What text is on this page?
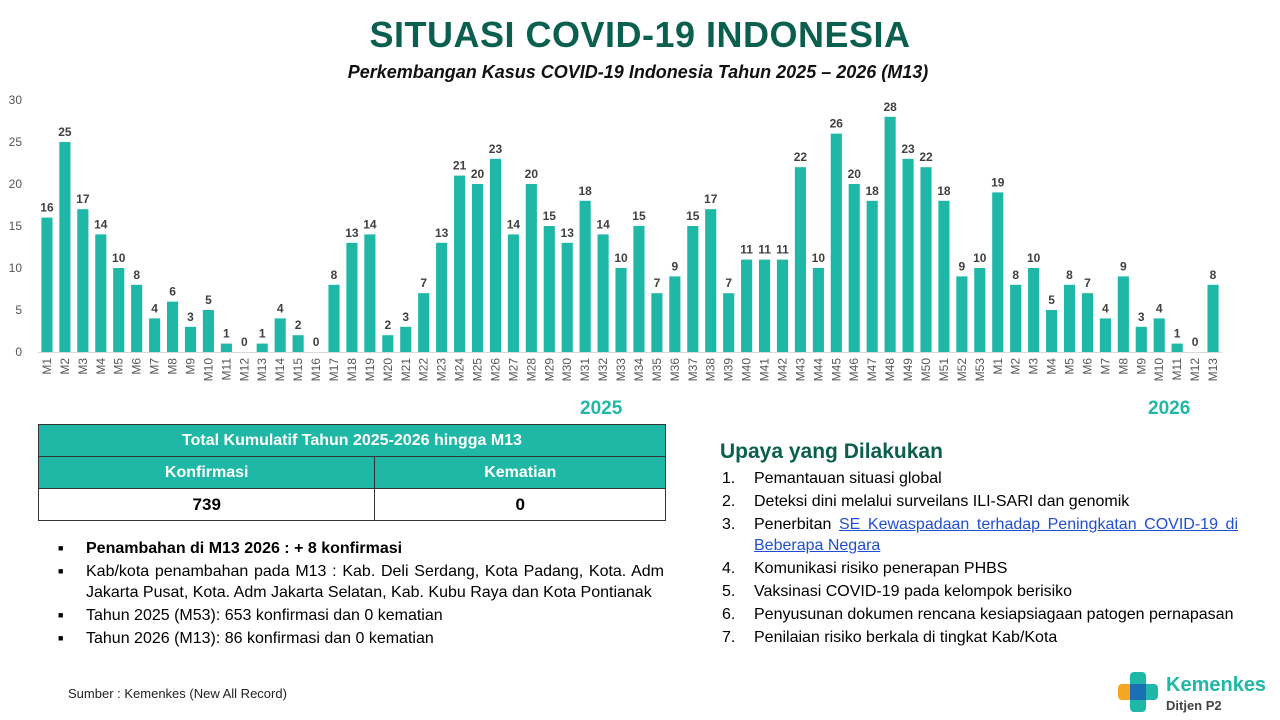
SITUASI COVID-19 INDONESIA
Perkembangan Kasus COVID-19 Indonesia Tahun 2025 – 2026 (M13)
0
5
10
15
20
25
30
16
M1
25
M2
17
M3
14
M4
10
M5
8
M6
4
M7
6
M8
3
M9
5
M10
1
M11
0
M12
1
M13
4
M14
2
M15
0
M16
8
M17
13
M18
14
M19
2
M20
3
M21
7
M22
13
M23
21
M24
20
M25
23
M26
14
M27
20
M28
15
M29
13
M30
18
M31
14
M32
10
M33
15
M34
7
M35
9
M36
15
M37
17
M38
7
M39
11
M40
11
M41
11
M42
22
M43
10
M44
26
M45
20
M46
18
M47
28
M48
23
M49
22
M50
18
M51
9
M52
10
M53
19
M1
8
M2
10
M3
5
M4
8
M5
7
M6
4
M7
9
M8
3
M9
4
M10
1
M11
0
M12
8
M13
2025	2026
Total Kumulatif Tahun 2025-2026 hingga M13	
Konfirmasi	Kematian
739	0
■ Penambahan di M13 2026 : + 8 konfirmasi
■ Kab/kota penambahan pada M13 : Kab. Deli Serdang, Kota Padang, Kota. Adm Jakarta Pusat, Kota. Adm Jakarta Selatan, Kab. Kubu Raya dan Kota Pontianak
■ Tahun 2025 (M53): 653 konfirmasi dan 0 kematian
■ Tahun 2026 (M13): 86 konfirmasi dan 0 kematian
Sumber : Kemenkes (New All Record)
Upaya yang Dilakukan
1. Pemantauan situasi global
2. Deteksi dini melalui surveilans ILI-SARI dan genomik
3. Penerbitan SE Kewaspadaan terhadap Peningkatan COVID-19 di Beberapa Negara
4. Komunikasi risiko penerapan PHBS
5. Vaksinasi COVID-19 pada kelompok berisiko
6. Penyusunan dokumen rencana kesiapsiagaan patogen pernapasan
7. Penilaian risiko berkala di tingkat Kab/Kota
Kemenkes
Ditjen P2
